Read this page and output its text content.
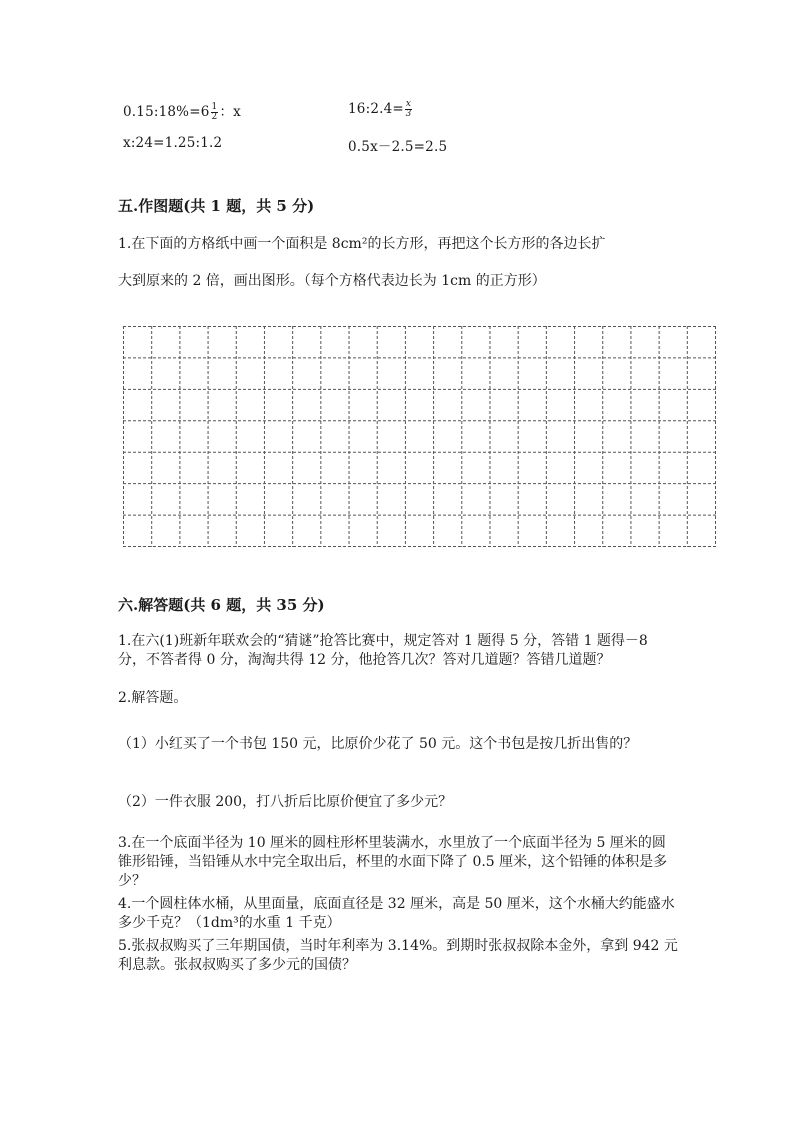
0.15:18%=6 $\frac{1}{2}$ ：x	16:2.4= $\frac{x}{3}$
x:24=1.25:1.2	0.5x－2.5=2.5
五.作图题(共 1 题，共 5 分)
1.在下面的方格纸中画一个面积是 8cm²的长方形，再把这个长方形的各边长扩
大到原来的 2 倍，画出图形。（每个方格代表边长为 1cm 的正方形）
六.解答题(共 6 题，共 35 分)
1.在六(1)班新年联欢会的“猜谜”抢答比赛中，规定答对 1 题得 5 分，答错 1 题得－8 分，不答者得 0 分，淘淘共得 12 分，他抢答几次？答对几道题？答错几道题？
2.解答题。
（1）小红买了一个书包 150 元，比原价少花了 50 元。这个书包是按几折出售的？
（2）一件衣服 200，打八折后比原价便宜了多少元？
3.在一个底面半径为 10 厘米的圆柱形杯里装满水，水里放了一个底面半径为 5 厘米的圆锥形铅锤，当铅锤从水中完全取出后，杯里的水面下降了 0.5 厘米，这个铅锤的体积是多少？
4.一个圆柱体水桶，从里面量，底面直径是 32 厘米，高是 50 厘米，这个水桶大约能盛水多少千克？（1dm³的水重 1 千克）
5.张叔叔购买了三年期国债，当时年利率为 3.14%。到期时张叔叔除本金外，拿到 942 元利息款。张叔叔购买了多少元的国债？
